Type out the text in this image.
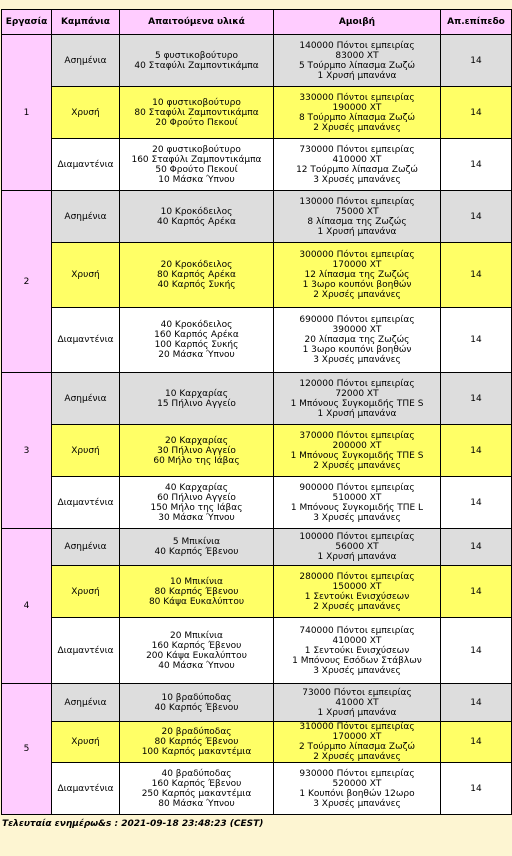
Εργασία	Καμπάνια	Απαιτούμενα υλικά	Αμοιβή	Απ.επίπεδο
1	Ασημένια	5 φυστικοβούτυρο
40 Σταφύλι Ζαμποντικάμπα	140000 Πόντοι εμπειρίας
83000 ΧΤ
5 Τούρμπο λίπασμα Ζωζώ
1 Χρυσή μπανάνα	14
	Χρυσή	10 φυστικοβούτυρο
80 Σταφύλι Ζαμποντικάμπα
20 Φρούτο Πεκουί	330000 Πόντοι εμπειρίας
190000 ΧΤ
8 Τούρμπο λίπασμα Ζωζώ
2 Χρυσές μπανάνες	14
	Διαμαντένια	20 φυστικοβούτυρο
160 Σταφύλι Ζαμποντικάμπα
50 Φρούτο Πεκουί
10 Μάσκα Ύπνου	730000 Πόντοι εμπειρίας
410000 ΧΤ
12 Τούρμπο λίπασμα Ζωζώ
3 Χρυσές μπανάνες	14
2	Ασημένια	10 Κροκόδειλος
40 Καρπός Αρέκα	130000 Πόντοι εμπειρίας
75000 ΧΤ
8 λίπασμα της Ζωζώς
1 Χρυσή μπανάνα	14
	Χρυσή	20 Κροκόδειλος
80 Καρπός Αρέκα
40 Καρπός Συκής	300000 Πόντοι εμπειρίας
170000 ΧΤ
12 λίπασμα της Ζωζώς
1 3ωρο κουπόνι βοηθών
2 Χρυσές μπανάνες	14
	Διαμαντένια	40 Κροκόδειλος
160 Καρπός Αρέκα
100 Καρπός Συκής
20 Μάσκα Ύπνου	690000 Πόντοι εμπειρίας
390000 ΧΤ
20 λίπασμα της Ζωζώς
1 3ωρο κουπόνι βοηθών
3 Χρυσές μπανάνες	14
3	Ασημένια	10 Καρχαρίας
15 Πήλινο Αγγείο	120000 Πόντοι εμπειρίας
72000 ΧΤ
1 Μπόνους Συγκομιδής ΤΠΕ S
1 Χρυσή μπανάνα	14
	Χρυσή	20 Καρχαρίας
30 Πήλινο Αγγείο
60 Μήλο της Ιάβας	370000 Πόντοι εμπειρίας
200000 ΧΤ
1 Μπόνους Συγκομιδής ΤΠΕ S
2 Χρυσές μπανάνες	14
	Διαμαντένια	40 Καρχαρίας
60 Πήλινο Αγγείο
150 Μήλο της Ιάβας
30 Μάσκα Ύπνου	900000 Πόντοι εμπειρίας
510000 ΧΤ
1 Μπόνους Συγκομιδής ΤΠΕ L
3 Χρυσές μπανάνες	14
4	Ασημένια	5 Μπικίνια
40 Καρπός Έβενου	100000 Πόντοι εμπειρίας
56000 ΧΤ
1 Χρυσή μπανάνα	14
	Χρυσή	10 Μπικίνια
80 Καρπός Έβενου
80 Κάψα Ευκαλύπτου	280000 Πόντοι εμπειρίας
150000 ΧΤ
1 Σεντούκι Ενισχύσεων
2 Χρυσές μπανάνες	14
	Διαμαντένια	20 Μπικίνια
160 Καρπός Έβενου
200 Κάψα Ευκαλύπτου
40 Μάσκα Ύπνου	740000 Πόντοι εμπειρίας
410000 ΧΤ
1 Σεντούκι Ενισχύσεων
1 Μπόνους Εσόδων Στάβλων
3 Χρυσές μπανάνες	14
5	Ασημένια	10 βραδύποδας
40 Καρπός Έβενου	73000 Πόντοι εμπειρίας
41000 ΧΤ
1 Χρυσή μπανάνα	14
	Χρυσή	20 βραδύποδας
80 Καρπός Έβενου
100 Καρπός μακαντέμια	310000 Πόντοι εμπειρίας
170000 ΧΤ
2 Τούρμπο λίπασμα Ζωζώ
2 Χρυσές μπανάνες	14
	Διαμαντένια	40 βραδύποδας
160 Καρπός Έβενου
250 Καρπός μακαντέμια
80 Μάσκα Ύπνου	930000 Πόντοι εμπειρίας
520000 ΧΤ
1 Κουπόνι βοηθών 12ωρο
3 Χρυσές μπανάνες	14
Τελευταία ενημέρω&s : 2021-09-18 23:48:23 (CEST)
